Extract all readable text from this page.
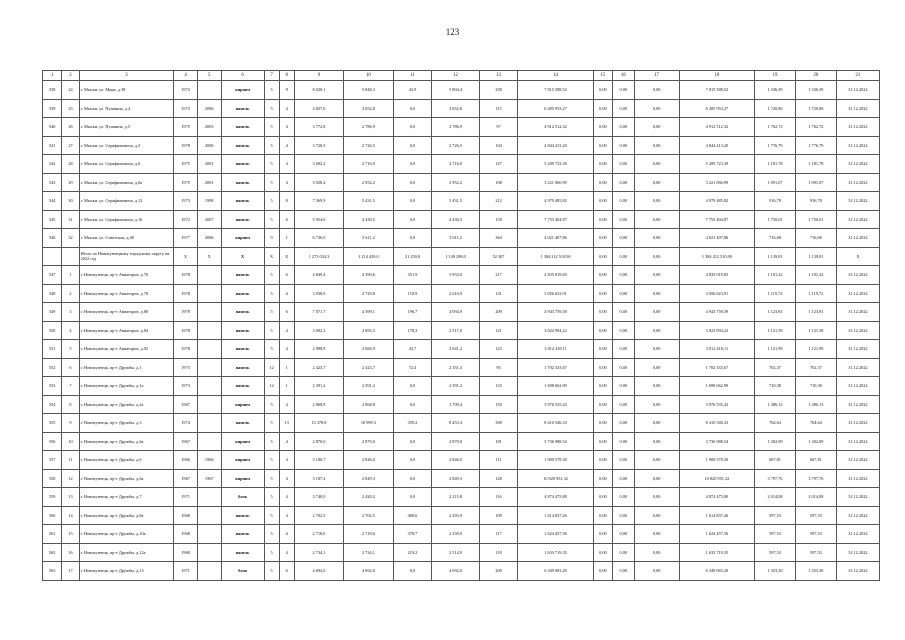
123
1	2	3	4	5	6	7	8	9	10	11	12	13	14	15	16	17	18	19	20	21
538	24	г. Мыски, ул. Мира, д.38	1972		кирпич	5	8	8 020,1	5 848,3	43,9	5 804,4	258	7 815 588,52	0,00	0,00	0,00	7 815 588,52	1 336,39	1 336,39	31.12.2022
539	25	г. Мыски, ул. Пушкина, д.4	1973	2006	панель	5	4	4 827,6	3 652,8	0,0	3 652,8	115	6 285 953,27	0,00	0,00	0,00	6 285 953,27	1 720,86	1 720,86	31.12.2022
540	26	г. Мыски, ул. Пушкина, д.5	1975	2003	панель	5	4	3 772,8	2 786,9	0,0	2 786,9	97	4 912 512,32	0,00	0,00	0,00	4 912 512,32	1 762,72	1 762,72	31.12.2022
541	27	г. Мыски, ул. Серафимовича, д.2	1978	2006	панель	5	4	3 720,5	2 726,5	0,0	2 726,5	104	4 844 413,20	0,00	0,00	0,00	4 844 413,20	1 776,79	1 776,79	31.12.2022
542	28	г. Мыски, ул. Серафимовича, д.6	1975	2001	панель	5	4	3 692,2	2 716,0	0,0	2 716,0	127	5 209 723,39	0,00	0,00	0,00	5 209 723,39	1 181,78	1 181,78	31.12.2022
543	29	г. Мыски, ул. Серафимовича, д.6а	1975	2001	панель	5	4	3 928,4	2 952,2	0,0	2 952,2	108	3 221 060,99	0,00	0,00	0,00	3 221 060,99	1 091,07	1 091,07	31.12.2022
544	30	г. Мыски, ул. Серафимовича, д.12	1973	1998	панель	5	8	7 369,9	5 431,5	0,0	5 431,5	212	4 979 485,82	0,00	0,00	0,00	4 979 485,82	916,78	916,78	31.12.2022
545	31	г. Мыски, ул. Серафимовича, д.16	1972	2007	панель	5	6	5 954,6	4 430,5	0,0	4 430,5	158	7 753 404,87	0,00	0,00	0,00	7 753 404,87	1 750,01	1 750,01	31.12.2022
546	32	г. Мыски, ул. Советская, д.48	1977	2006	кирпич	9	1	6 730,0	5 611,2	0,0	5 611,2	364	4 021 407,86	0,00	0,00	0,00	4 021 407,86	716,68	716,68	31.12.2022
		Итого по Новокузнецкому городскому округу на 2022 год	X	X	X	X	X	1 273 034,3	1 214 429,0	21 259,8	1 149 298,0	52 307	1 384 212 510,90	0,00	0,00	0,00	1 384 212 510,90	1 139,81	1 139,81	X
547	1	г. Новокузнецк, пр-т Авиаторов, д.76	1978		панель	5	6	4 849,4	4 390,6	351,9	3 933,0	217	4 835 019,83	0,00	0,00	0,00	4 835 019,83	1 101,22	1 101,22	31.12.2022
548	2	г. Новокузнецк, пр-т Авиаторов, д.78	1978		панель	5	4	3 038,9	2 729,8	118,9	2 610,9	131	3 056 623,91	0,00	0,00	0,00	3 056 623,91	1 119,72	1 119,72	31.12.2022
549	3	г. Новокузнецк, пр-т Авиаторов, д.80	1978		панель	5	6	7 071,7	4 399,1	196,7	4 094,9	209	4 943 759,39	0,00	0,00	0,00	4 943 759,39	1 123,81	1 123,81	31.12.2022
550	4	г. Новокузнецк, пр-т Авиаторов, д.84	1978		панель	5	4	3 002,2	2 695,3	178,3	2 517,0	121	3 022 994,22	0,00	0,00	0,00	3 022 994,22	1 121,58	1 121,58	31.12.2022
551	5	г. Новокузнецк, пр-т Авиаторов, д.92	1978		панель	5	4	2 988,8	2 684,9	43,7	2 641,2	123	3 012 418,11	0,00	0,00	0,00	3 012 418,11	1 121,99	1 121,99	31.12.2022
552	6	г. Новокузнецк, пр-т Дружбы, д.1	1973		панель	12	1	2 423,7	2 423,7	72,4	2 351,3	95	1 702 333,67	0,00	0,00	0,00	1 702 333,67	702,37	702,37	31.12.2022
553	7	г. Новокузнецк, пр-т Дружбы, д.1а	1973		панель	12	1	2 391,2	2 391,2	0,0	2 391,2	133	1 698 662,99	0,00	0,00	0,00	1 698 662,99	710,38	710,38	31.12.2022
554	8	г. Новокузнецк, пр-т Дружбы, д.2а	1967		кирпич	5	4	2 868,8	2 868,8	0,0	1 709,4	150	3 976 535,43	0,00	0,00	0,00	3 976 535,43	1 386,13	1 386,13	31.12.2022
555	9	г. Новокузнецк, пр-т Дружбы, д.3	1974		панель	5	13	13 378,8	10 999,3	359,2	8 453,4	308	8 410 546,33	0,00	0,00	0,00	8 410 546,33	764,64	764,64	31.12.2022
556	10	г. Новокузнецк, пр-т Дружбы, д.4а	1967		кирпич	5	4	2 870,0	2 870,0	0,0	2 870,0	181	3 736 988,54	0,00	0,00	0,00	3 736 988,54	1 302,09	1 302,09	31.12.2022
557	11	г. Новокузнецк, пр-т Дружбы, д.6	1966	1966	кирпич	5	4	3 180,7	2 846,0	0,0	2 846,0	111	1 900 578,30	0,00	0,00	0,00	1 900 578,30	667,81	667,81	31.12.2022
558	12	г. Новокузнецк, пр-т Дружбы, д.6а	1967	1967	кирпич	5	4	3 187,2	2 849,3	0,0	2 849,3	128	10 820 951,32	0,00	0,00	0,00	10 820 951,32	3 797,76	3 797,76	31.12.2022
559	13	г. Новокузнецк, пр-т Дружбы, д.7	1971		блок	5	4	3 740,0	2 420,2	0,0	2 215,8	116	4 874 475,80	0,00	0,00	0,00	4 874 475,80	2 014,08	2 014,08	31.12.2022
560	14	г. Новокузнецк, пр-т Дружбы, д.8а	1968		панель	5	4	2 702,5	2 702,5	408,6	2 293,9	109	1 614 837,26	0,00	0,00	0,00	1 614 837,26	597,53	597,53	31.12.2022
561	15	г. Новокузнецк, пр-т Дружбы, д.10а	1968		панель	5	4	2 718,6	2 718,6	378,7	2 339,9	117	1 624 457,56	0,00	0,00	0,00	1 624 457,56	597,53	597,53	31.12.2022
562	16	г. Новокузнецк, пр-т Дружбы, д.12а	1968		панель	5	4	2 734,1	2 734,1	219,2	2 514,9	118	1 633 719,35	0,00	0,00	0,00	1 633 719,35	597,53	597,53	31.12.2022
563	17	г. Новокузнецк, пр-т Дружбы, д.13	1971		блок	5	6	4 692,0	4 692,0	0,0	4 692,0	200	6 349 683,20	0,00	0,00	0,00	6 349 683,20	1 353,30	1 353,30	31.12.2022
